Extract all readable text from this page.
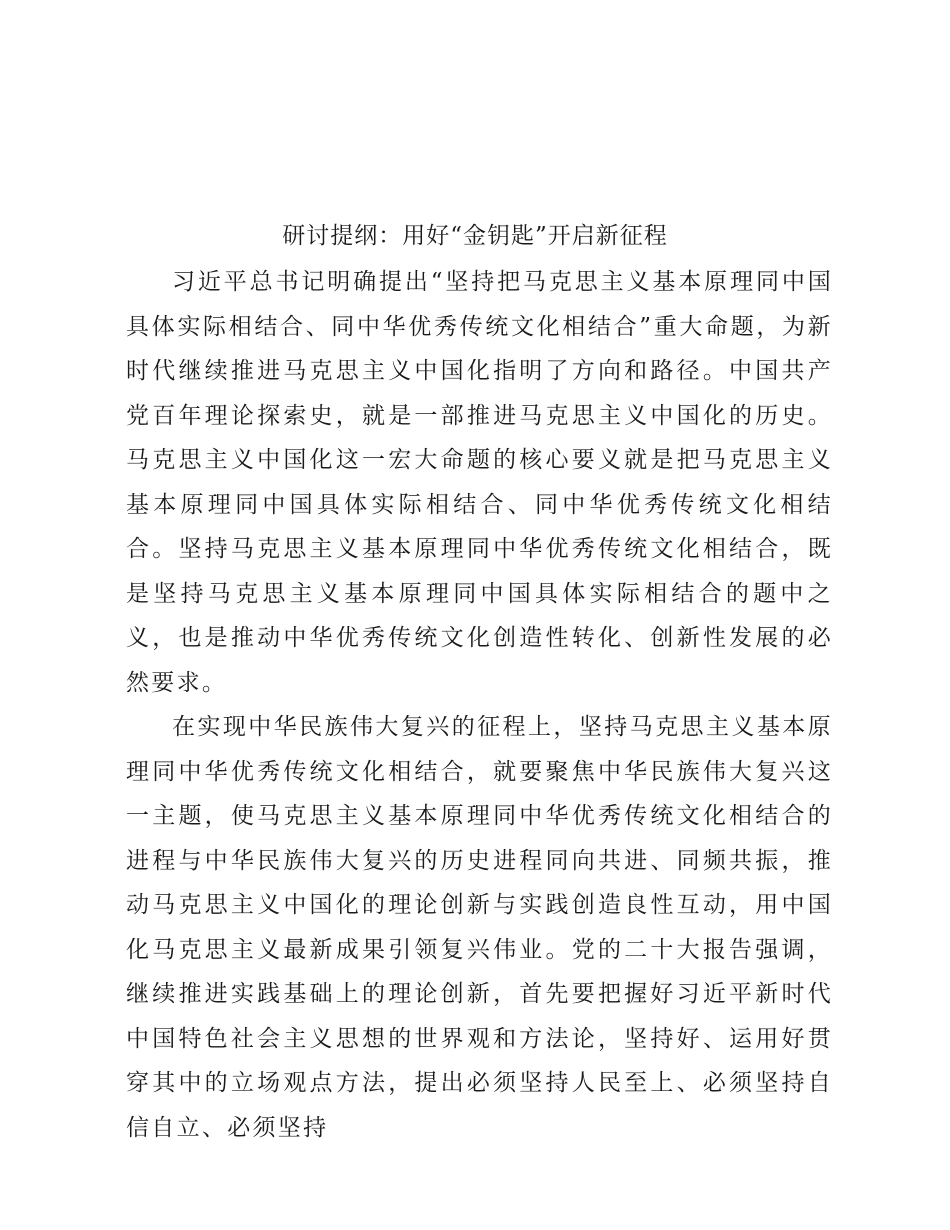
研讨提纲：用好“金钥匙”开启新征程

习近平总书记明确提出“坚持把马克思主义基本原理同中国具体实际相结合、同中华优秀传统文化相结合”重大命题，为新时代继续推进马克思主义中国化指明了方向和路径。中国共产党百年理论探索史，就是一部推进马克思主义中国化的历史。马克思主义中国化这一宏大命题的核心要义就是把马克思主义基本原理同中国具体实际相结合、同中华优秀传统文化相结合。坚持马克思主义基本原理同中华优秀传统文化相结合，既是坚持马克思主义基本原理同中国具体实际相结合的题中之义，也是推动中华优秀传统文化创造性转化、创新性发展的必然要求。

在实现中华民族伟大复兴的征程上，坚持马克思主义基本原理同中华优秀传统文化相结合，就要聚焦中华民族伟大复兴这一主题，使马克思主义基本原理同中华优秀传统文化相结合的进程与中华民族伟大复兴的历史进程同向共进、同频共振，推动马克思主义中国化的理论创新与实践创造良性互动，用中国化马克思主义最新成果引领复兴伟业。党的二十大报告强调，继续推进实践基础上的理论创新，首先要把握好习近平新时代中国特色社会主义思想的世界观和方法论，坚持好、运用好贯穿其中的立场观点方法，提出必须坚持人民至上、必须坚持自信自立、必须坚持
